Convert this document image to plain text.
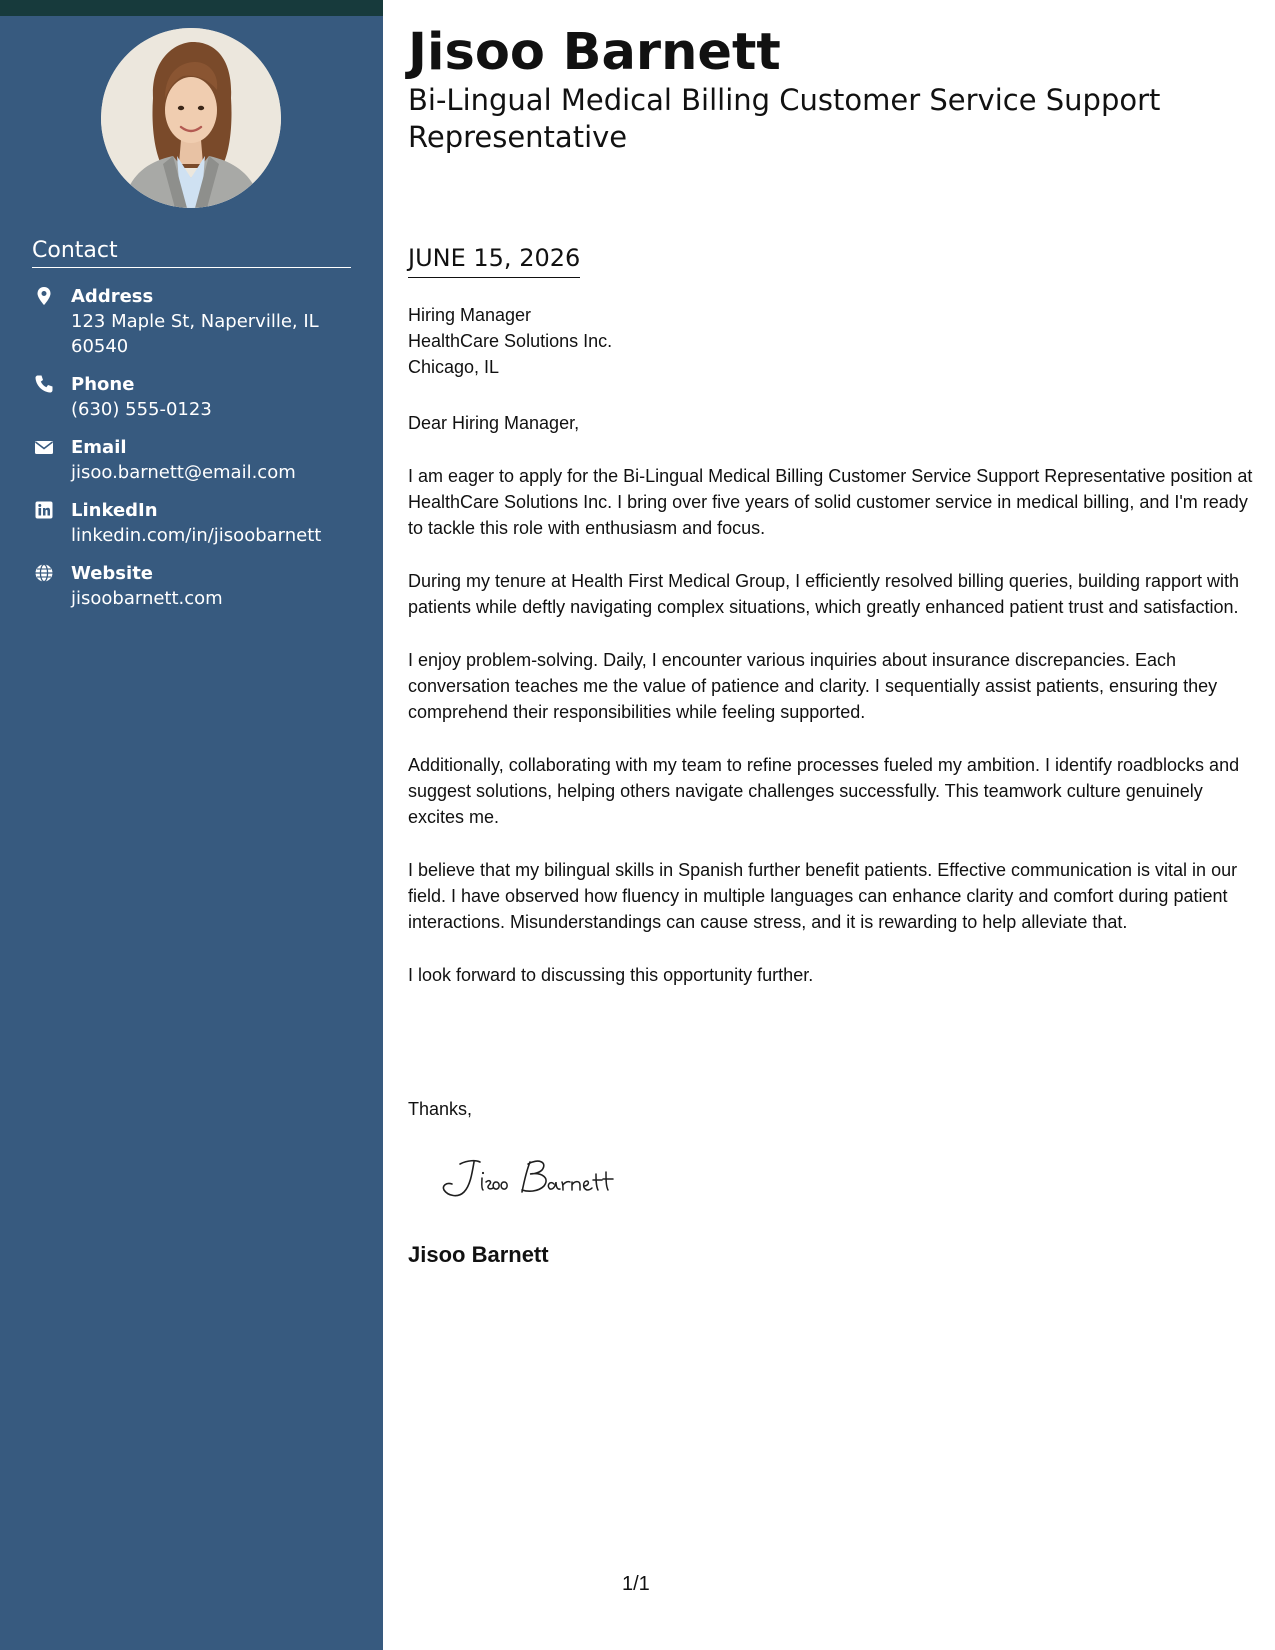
Contact
Address
123 Maple St, Naperville, IL 60540
Phone
(630) 555-0123
Email
jisoo.barnett@email.com
LinkedIn
linkedin.com/in/jisoobarnett
Website
jisoobarnett.com
Jisoo Barnett
Bi-Lingual Medical Billing Customer Service Support Representative
JUNE 15, 2026
Hiring Manager
HealthCare Solutions Inc.
Chicago, IL

Dear Hiring Manager,

I am eager to apply for the Bi-Lingual Medical Billing Customer Service Support Representative position at HealthCare Solutions Inc. I bring over five years of solid customer service in medical billing, and I'm ready to tackle this role with enthusiasm and focus.

During my tenure at Health First Medical Group, I efficiently resolved billing queries, building rapport with patients while deftly navigating complex situations, which greatly enhanced patient trust and satisfaction.

I enjoy problem-solving. Daily, I encounter various inquiries about insurance discrepancies. Each conversation teaches me the value of patience and clarity. I sequentially assist patients, ensuring they comprehend their responsibilities while feeling supported.

Additionally, collaborating with my team to refine processes fueled my ambition. I identify roadblocks and suggest solutions, helping others navigate challenges successfully. This teamwork culture genuinely excites me.

I believe that my bilingual skills in Spanish further benefit patients. Effective communication is vital in our field. I have observed how fluency in multiple languages can enhance clarity and comfort during patient interactions. Misunderstandings can cause stress, and it is rewarding to help alleviate that.

I look forward to discussing this opportunity further.

Thanks,
Jisoo Barnett
1/1
